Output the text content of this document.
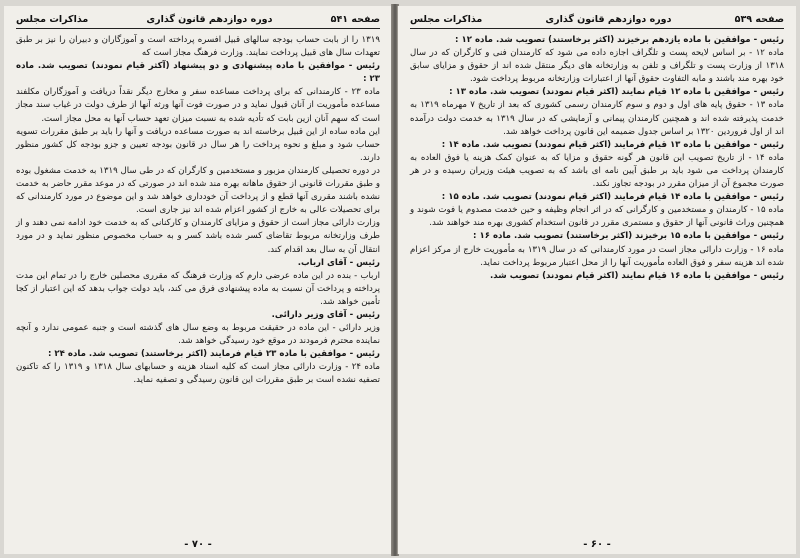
صفحه ۵۴۱
دوره دوازدهم قانون گذاری
مذاکرات مجلس

۱۳۱۹ را از بابت حساب بودجه سالهای قبیل افسره پرداخته است و آموزگاران و دبیران را نیز بر طبق تعهدات سال های قبیل پرداخت نمایند. وزارت فرهنگ مجاز است که

رئیس - موافقین با ماده پیشنهادی و دو پیشنهاد (آکثر قیام نمودند) تصویب شد. ماده ۲۳ :

ماده ۲۳ - کارمندانی که برای پرداخت مساعده سفر و مخارج دیگر نقداً دریافت و آموزگاران مکلفند مساعده مأموریت از آنان قبول نماید و در صورت فوت آنها ورثه آنها از طرف دولت در غیاب سند مجاز است که سهم آنان ازین بابت که تأدیه شده به نسبت میزان تعهد حساب آنها به محل مجاز است.

این ماده ساده از این قبیل برخاسته اند به صورت مساعده دریافت و آنها را باید بر طبق مقررات تسویه حساب شود و مبلغ و نحوه پرداخت را هر سال در قانون بودجه تعیین و جزو بودجه کل کشور منظور دارند.

در دوره تحصیلی کارمندان مزبور و مستخدمین و کارگران که در طی سال ۱۳۱۹ به خدمت مشغول بوده و طبق مقررات قانونی از حقوق ماهانه بهره مند شده اند در صورتی که در موعد مقرر حاضر به خدمت نشده باشند مقرری آنها قطع و از پرداخت آن خودداری خواهد شد و این موضوع در مورد کارمندانی که برای تحصیلات عالی به خارج از کشور اعزام شده اند نیز جاری است.

وزارت دارائی مجاز است از حقوق و مزایای کارمندان و کارکنانی که به خدمت خود ادامه نمی دهند و از طرف وزارتخانه مربوط تقاضای کسر شده باشد کسر و به حساب مخصوص منظور نماید و در مورد انتقال آن به سال بعد اقدام کند.

رئیس - آقای ارباب.

ارباب - بنده در این ماده عرضی دارم که وزارت فرهنگ که مقرری محصلین خارج را در تمام این مدت پرداخته و پرداخت آن نسبت به ماده پیشنهادی فرق می کند، باید دولت جواب بدهد که این اعتبار از کجا تأمین خواهد شد.

رئیس - آقای وزیر دارائی.

وزیر دارائی - این ماده در حقیقت مربوط به وضع سال های گذشته است و جنبه عمومی ندارد و آنچه نماینده محترم فرمودند در موقع خود رسیدگی خواهد شد.

رئیس - موافقین با ماده ۲۳ قیام فرمایند (اکثر برخاستند) تصویب شد. ماده ۲۴ :

ماده ۲۴ - وزارت دارائی مجاز است که کلیه اسناد هزینه و حسابهای سال ۱۳۱۸ و ۱۳۱۹ را که تاکنون تصفیه نشده است بر طبق مقررات این قانون رسیدگی و تصفیه نماید.

- ۷۰ -
صفحه ۵۳۹
دوره دوازدهم قانون گذاری
مذاکرات مجلس

رئیس - موافقین با ماده یازدهم برخیزند (اکثر برخاستند) تصویب شد. ماده ۱۲ :

ماده ۱۲ - بر اساس لایحه پست و تلگراف اجازه داده می شود که کارمندان فنی و کارگران که در سال ۱۳۱۸ از وزارت پست و تلگراف و تلفن به وزارتخانه های دیگر منتقل شده اند از حقوق و مزایای سابق خود بهره مند باشند و مابه التفاوت حقوق آنها از اعتبارات وزارتخانه مربوط پرداخت شود.

رئیس - موافقین با ماده ۱۲ قیام نمایند (اکثر قیام نمودند) تصویب شد. ماده ۱۳ :

ماده ۱۳ - حقوق پایه های اول و دوم و سوم کارمندان رسمی کشوری که بعد از تاریخ ۷ مهرماه ۱۳۱۹ به خدمت پذیرفته شده اند و همچنین کارمندان پیمانی و آزمایشی که در سال ۱۳۱۹ به خدمت دولت درآمده اند از اول فروردین ۱۳۲۰ بر اساس جدول ضمیمه این قانون پرداخت خواهد شد.

رئیس - موافقین با ماده ۱۳ قیام فرمایند (اکثر قیام نمودند) تصویب شد. ماده ۱۴ :

ماده ۱۴ - از تاریخ تصویب این قانون هر گونه حقوق و مزایا که به عنوان کمک هزینه یا فوق العاده به کارمندان پرداخت می شود باید بر طبق آیین نامه ای باشد که به تصویب هیئت وزیران رسیده و در هر صورت مجموع آن از میزان مقرر در بودجه تجاوز نکند.

رئیس - موافقین با ماده ۱۴ قیام فرمایند (اکثر قیام نمودند) تصویب شد. ماده ۱۵ :

ماده ۱۵ - کارمندان و مستخدمین و کارگرانی که در اثر انجام وظیفه و حین خدمت مصدوم یا فوت شوند و همچنین وراث قانونی آنها از حقوق و مستمری مقرر در قانون استخدام کشوری بهره مند خواهند شد.

رئیس - موافقین با ماده ۱۵ برخیزند (اکثر برخاستند) تصویب شد. ماده ۱۶ :

ماده ۱۶ - وزارت دارائی مجاز است در مورد کارمندانی که در سال ۱۳۱۹ به مأموریت خارج از مرکز اعزام شده اند هزینه سفر و فوق العاده مأموریت آنها را از محل اعتبار مربوط پرداخت نماید.

رئیس - موافقین با ماده ۱۶ قیام نمایند (اکثر قیام نمودند) تصویب شد.

- ۶۰ -
